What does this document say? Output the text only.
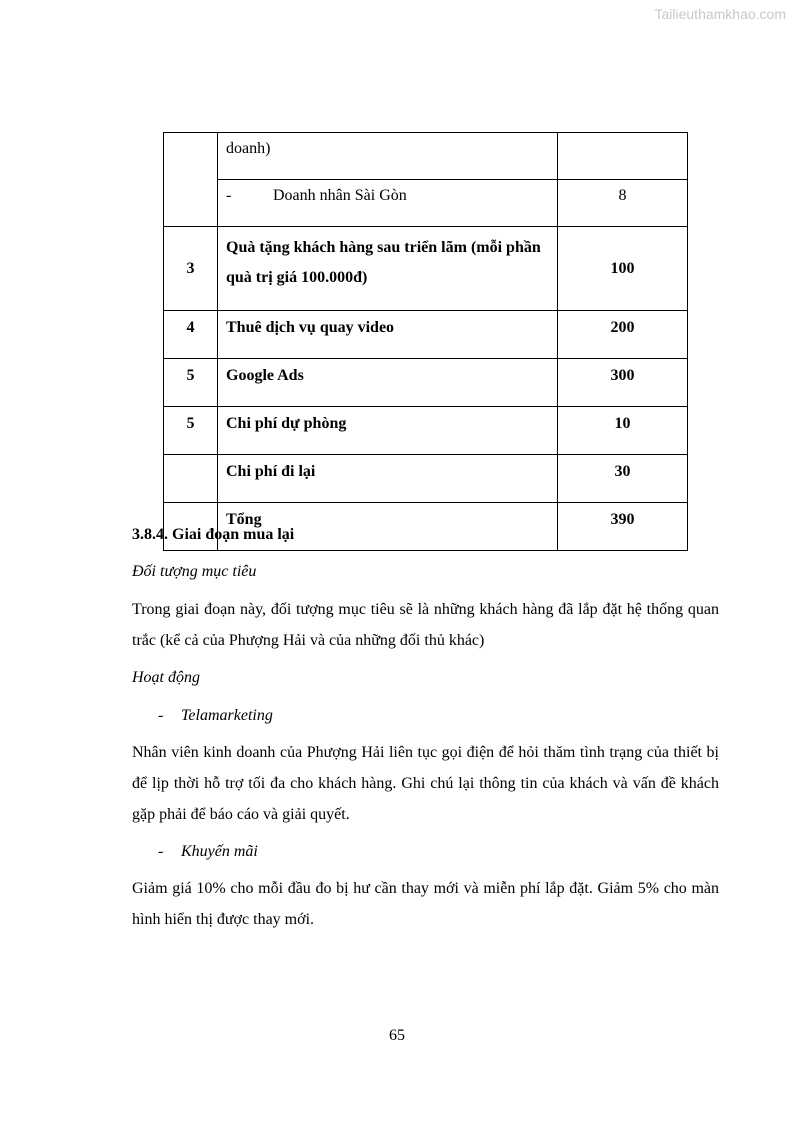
Tailieuthamkhao.com
	doanh)	
	- Doanh nhân Sài Gòn	8
3	Quà tặng khách hàng sau triển lãm (mỗi phần quà trị giá 100.000đ)	100
4	Thuê dịch vụ quay video	200
5	Google Ads	300
5	Chi phí dự phòng	10
	Chi phí đi lại	30
	Tổng	390

3.8.4. Giai đoạn mua lại

Đối tượng mục tiêu

Trong giai đoạn này, đối tượng mục tiêu sẽ là những khách hàng đã lắp đặt hệ thống quan trắc (kể cả của Phượng Hải và của những đối thủ khác)

Hoạt động

- Telamarketing

Nhân viên kinh doanh của Phượng Hải liên tục gọi điện để hỏi thăm tình trạng của thiết bị để lịp thời hỗ trợ tối đa cho khách hàng. Ghi chú lại thông tin của khách và vấn đề khách gặp phải để báo cáo và giải quyết.

- Khuyến mãi

Giảm giá 10% cho mỗi đầu đo bị hư cần thay mới và miễn phí lắp đặt. Giảm 5% cho màn hình hiển thị được thay mới.

65
